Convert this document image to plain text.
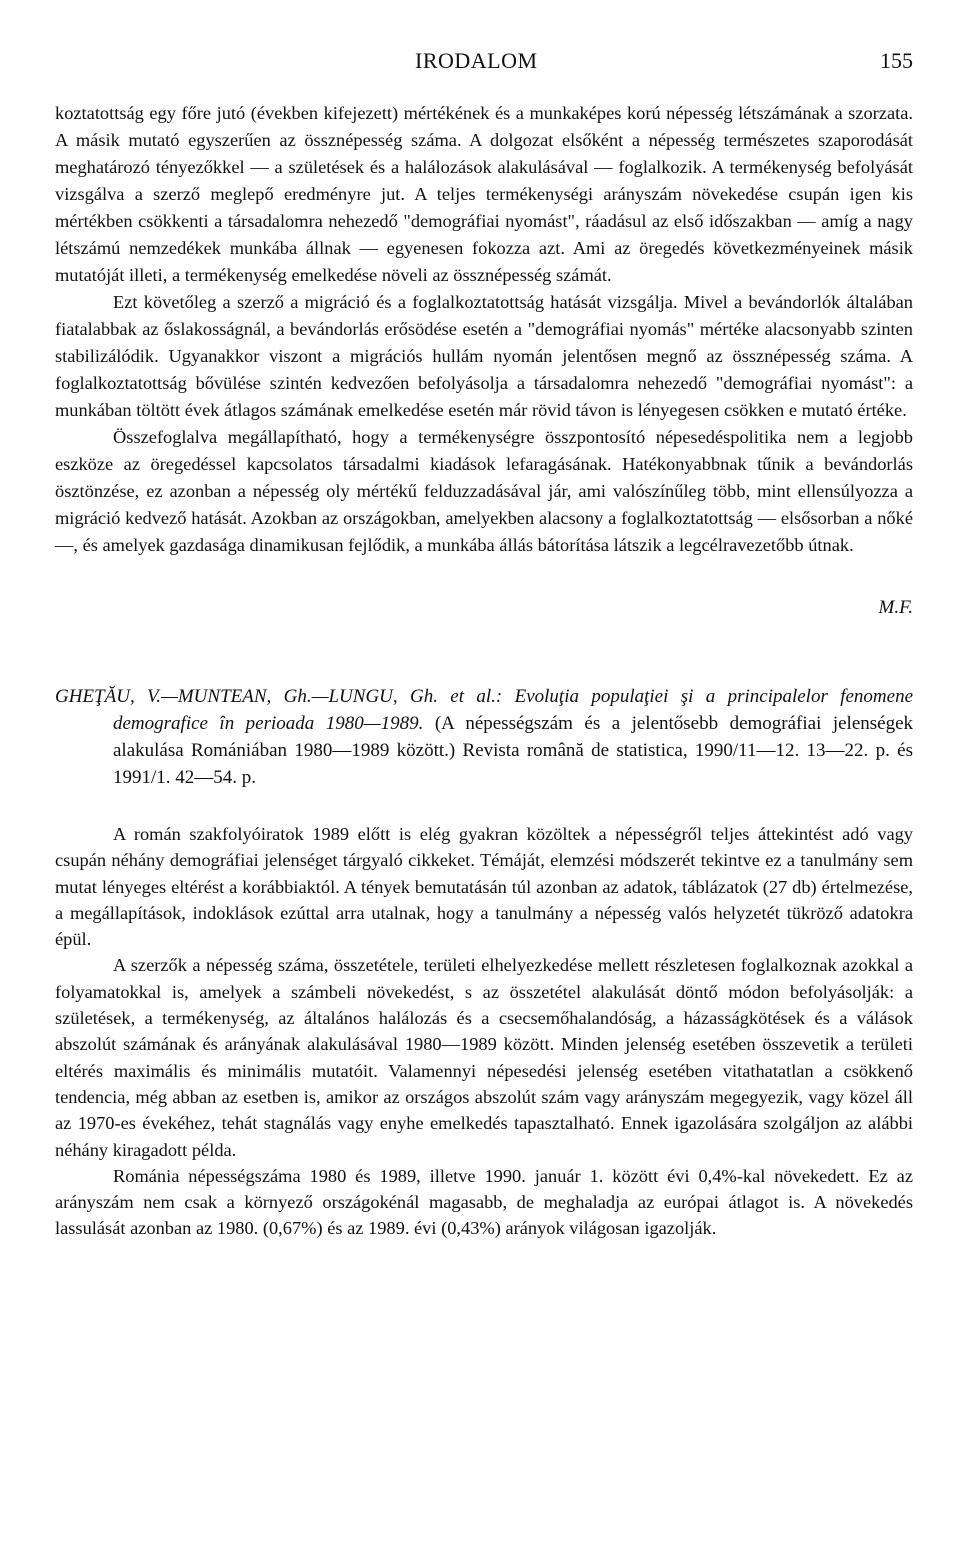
IRODALOM	155

koztatottság egy főre jutó (években kifejezett) mértékének és a munkaképes korú népesség létszámának a szorzata. A másik mutató egyszerűen az össznépesség száma. A dolgozat elsőként a népesség természetes szaporodását meghatározó tényezőkkel — a születések és a halálozások alakulásával — foglalkozik. A termékenység befolyását vizsgálva a szerző meglepő eredményre jut. A teljes termékenységi arányszám növekedése csupán igen kis mértékben csökkenti a társadalomra nehezedő "demográfiai nyomást", ráadásul az első időszakban — amíg a nagy létszámú nemzedékek munkába állnak — egyenesen fokozza azt. Ami az öregedés következményeinek másik mutatóját illeti, a termékenység emelkedése növeli az össznépesség számát.

Ezt követőleg a szerző a migráció és a foglalkoztatottság hatását vizsgálja. Mivel a bevándorlók általában fiatalabbak az őslakosságnál, a bevándorlás erősödése esetén a "demográfiai nyomás" mértéke alacsonyabb szinten stabilizálódik. Ugyanakkor viszont a migrációs hullám nyomán jelentősen megnő az össznépesség száma. A foglalkoztatottság bővülése szintén kedvezően befolyásolja a társadalomra nehezedő "demográfiai nyomást": a munkában töltött évek átlagos számának emelkedése esetén már rövid távon is lényegesen csökken e mutató értéke.

Összefoglalva megállapítható, hogy a termékenységre összpontosító népesedéspolitika nem a legjobb eszköze az öregedéssel kapcsolatos társadalmi kiadások lefaragásának. Hatékonyabbnak tűnik a bevándorlás ösztönzése, ez azonban a népesség oly mértékű felduzzadásával jár, ami valószínűleg több, mint ellensúlyozza a migráció kedvező hatását. Azokban az országokban, amelyekben alacsony a foglalkoztatottság — elsősorban a nőké —, és amelyek gazdasága dinamikusan fejlődik, a munkába állás bátorítása látszik a legcélravezetőbb útnak.

M.F.
GHEŢĂU, V.—MUNTEAN, Gh.—LUNGU, Gh. et al.: Evoluţia populaţiei şi a principalelor fenomene demografice în perioada 1980—1989. (A népességszám és a jelentősebb demográfiai jelenségek alakulása Romániában 1980—1989 között.) Revista română de statistica, 1990/11—12. 13—22. p. és 1991/1. 42—54. p.

A román szakfolyóiratok 1989 előtt is elég gyakran közöltek a népességről teljes áttekintést adó vagy csupán néhány demográfiai jelenséget tárgyaló cikkeket. Témáját, elemzési módszerét tekintve ez a tanulmány sem mutat lényeges eltérést a korábbiaktól. A tények bemutatásán túl azonban az adatok, táblázatok (27 db) értelmezése, a megállapítások, indoklások ezúttal arra utalnak, hogy a tanulmány a népesség valós helyzetét tükröző adatokra épül.

A szerzők a népesség száma, összetétele, területi elhelyezkedése mellett részletesen foglalkoznak azokkal a folyamatokkal is, amelyek a számbeli növekedést, s az összetétel alakulását döntő módon befolyásolják: a születések, a termékenység, az általános halálozás és a csecsemőhalandóság, a házasságkötések és a válások abszolút számának és arányának alakulásával 1980—1989 között. Minden jelenség esetében összevetik a területi eltérés maximális és minimális mutatóit. Valamennyi népesedési jelenség esetében vitathatatlan a csökkenő tendencia, még abban az esetben is, amikor az országos abszolút szám vagy arányszám megegyezik, vagy közel áll az 1970-es évekéhez, tehát stagnálás vagy enyhe emelkedés tapasztalható. Ennek igazolására szolgáljon az alábbi néhány kiragadott példa.

Románia népességszáma 1980 és 1989, illetve 1990. január 1. között évi 0,4%-kal növekedett. Ez az arányszám nem csak a környező országokénál magasabb, de meghaladja az európai átlagot is. A növekedés lassulását azonban az 1980. (0,67%) és az 1989. évi (0,43%) arányok világosan igazolják.
